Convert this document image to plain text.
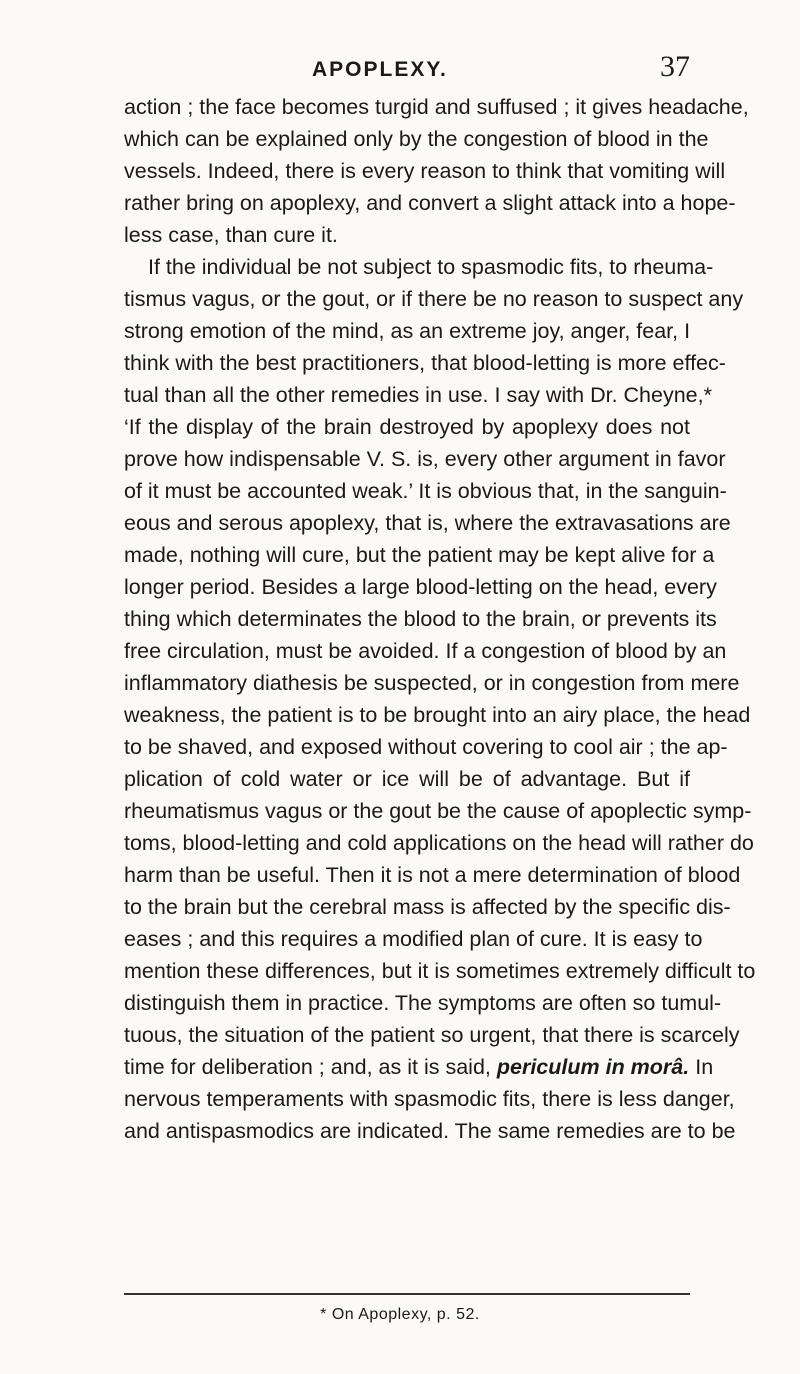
APOPLEXY.	37
action ; the face becomes turgid and suffused ; it gives headache,
which can be explained only by the congestion of blood in the
vessels. Indeed, there is every reason to think that vomiting will
rather bring on apoplexy, and convert a slight attack into a hope-
less case, than cure it.
If the individual be not subject to spasmodic fits, to rheuma-
tismus vagus, or the gout, or if there be no reason to suspect any
strong emotion of the mind, as an extreme joy, anger, fear, I
think with the best practitioners, that blood-letting is more effec-
tual than all the other remedies in use. I say with Dr. Cheyne,*
‘If the display of the brain destroyed by apoplexy does not
prove how indispensable V. S. is, every other argument in favor
of it must be accounted weak.’ It is obvious that, in the sanguin-
eous and serous apoplexy, that is, where the extravasations are
made, nothing will cure, but the patient may be kept alive for a
longer period. Besides a large blood-letting on the head, every
thing which determinates the blood to the brain, or prevents its
free circulation, must be avoided. If a congestion of blood by an
inflammatory diathesis be suspected, or in congestion from mere
weakness, the patient is to be brought into an airy place, the head
to be shaved, and exposed without covering to cool air ; the ap-
plication of cold water or ice will be of advantage. But if
rheumatismus vagus or the gout be the cause of apoplectic symp-
toms, blood-letting and cold applications on the head will rather do
harm than be useful. Then it is not a mere determination of blood
to the brain but the cerebral mass is affected by the specific dis-
eases ; and this requires a modified plan of cure. It is easy to
mention these differences, but it is sometimes extremely difficult to
distinguish them in practice. The symptoms are often so tumul-
tuous, the situation of the patient so urgent, that there is scarcely
time for deliberation ; and, as it is said, periculum in morâ. In
nervous temperaments with spasmodic fits, there is less danger,
and antispasmodics are indicated. The same remedies are to be
* On Apoplexy, p. 52.
